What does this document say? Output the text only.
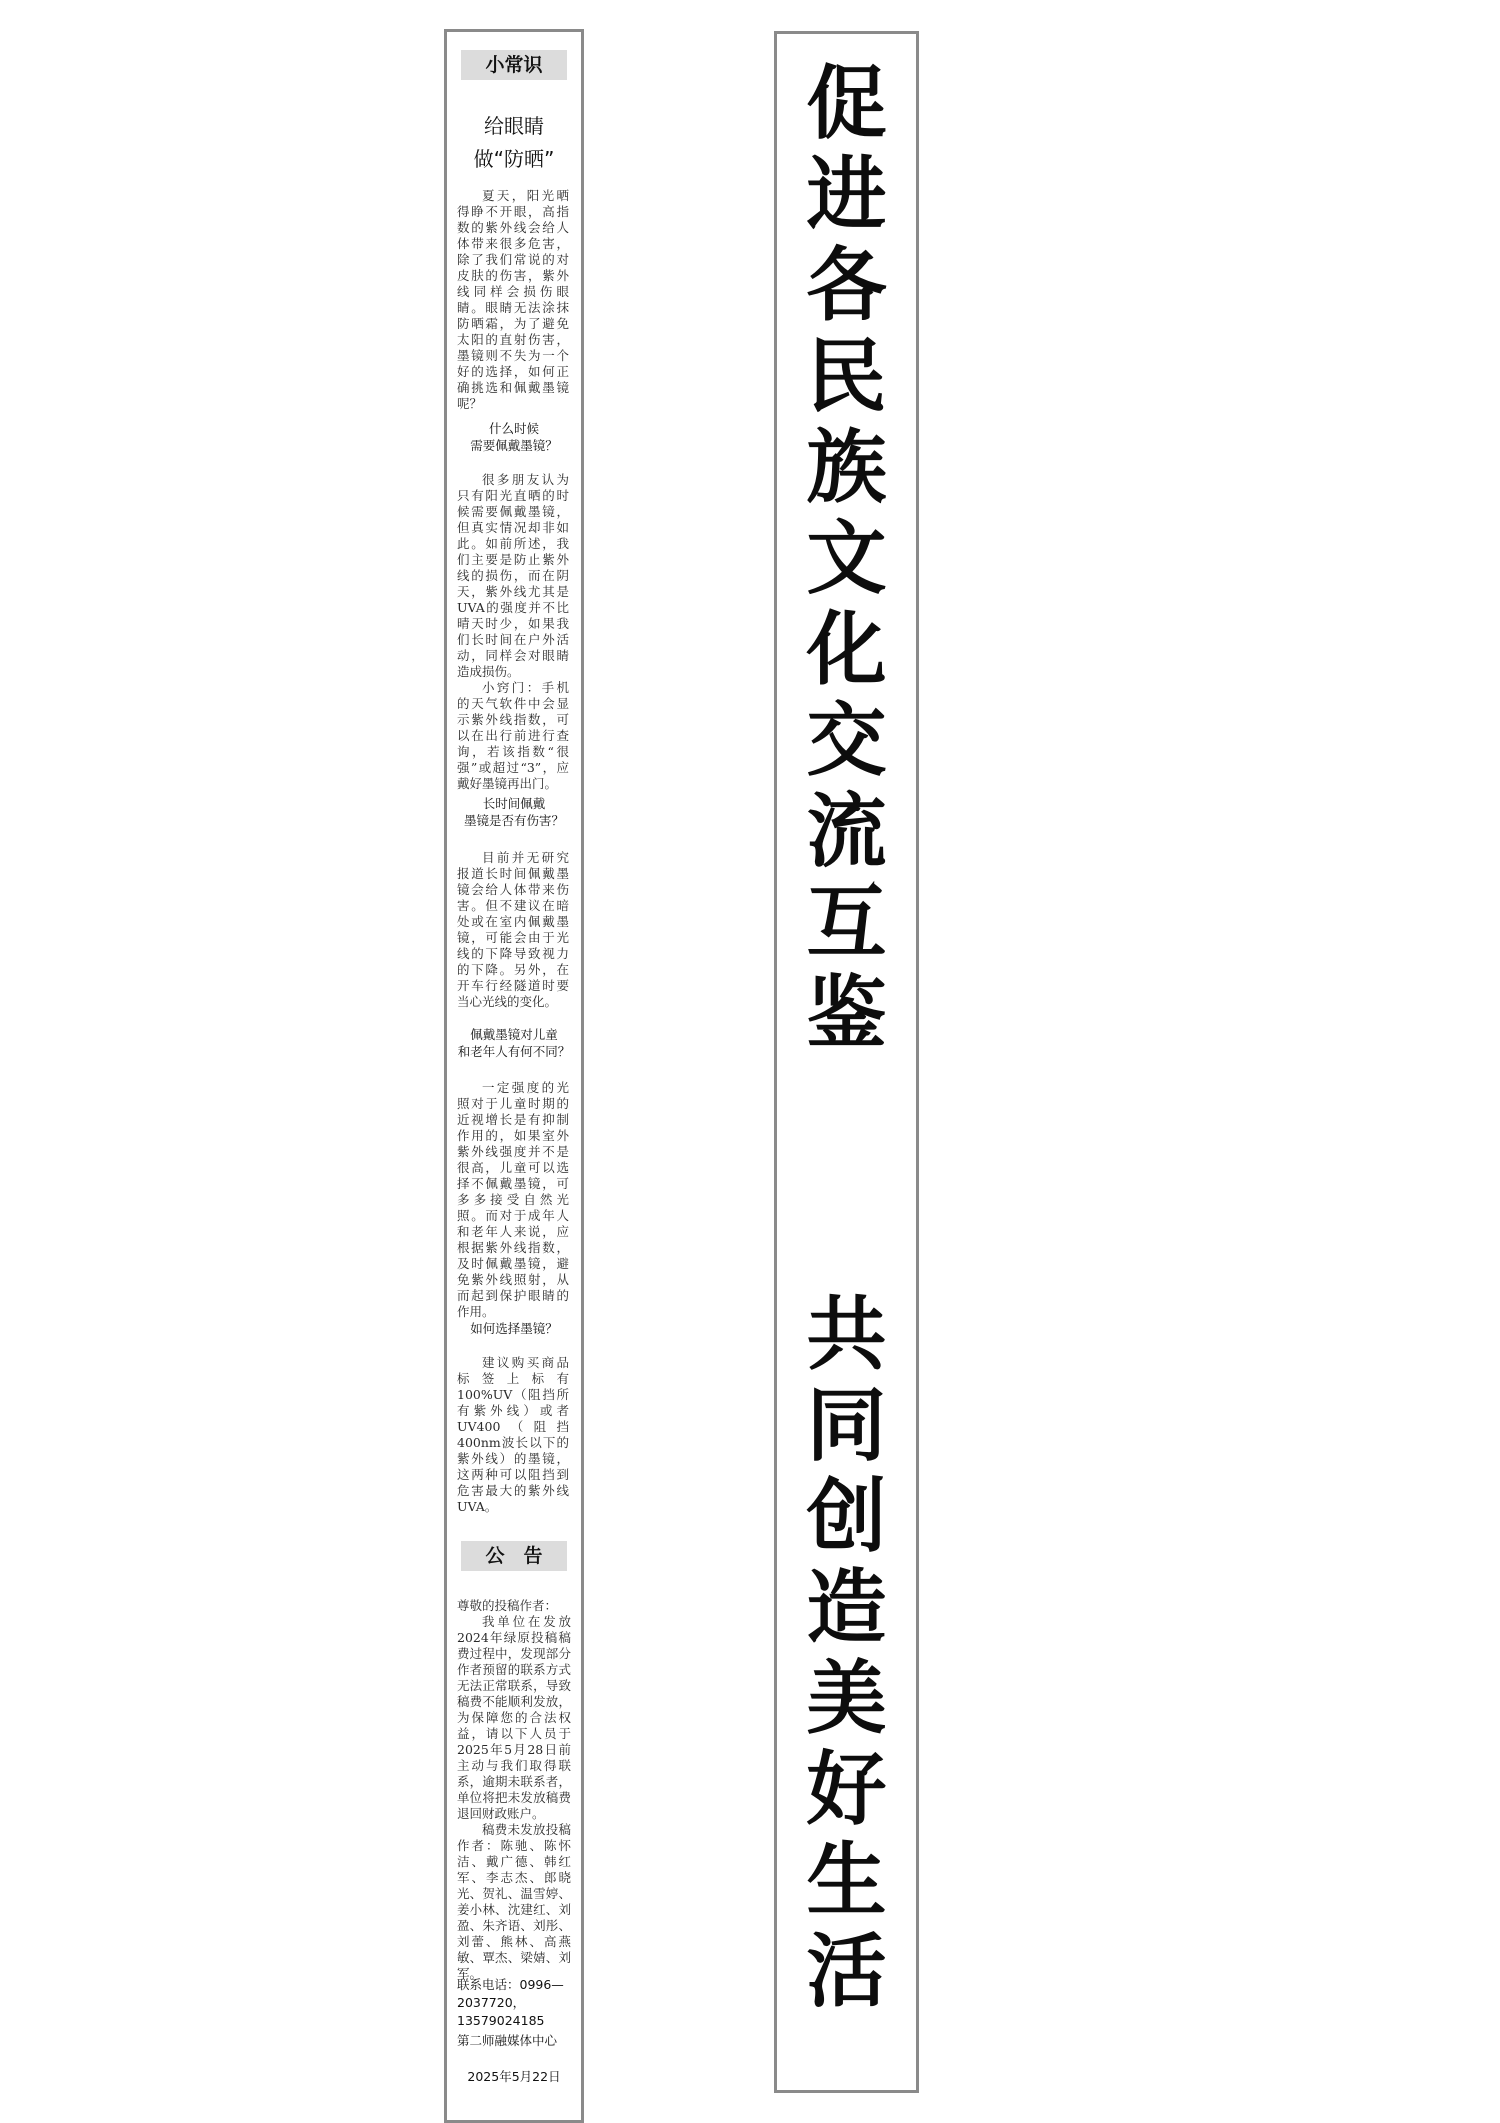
小常识
给眼睛
做“防晒”

夏天，阳光晒得睁不开眼，高指数的紫外线会给人体带来很多危害，除了我们常说的对皮肤的伤害，紫外线同样会损伤眼睛。眼睛无法涂抹防晒霜，为了避免太阳的直射伤害，墨镜则不失为一个好的选择，如何正确挑选和佩戴墨镜呢？

什么时候
需要佩戴墨镜？

很多朋友认为只有阳光直晒的时候需要佩戴墨镜，但真实情况却非如此。如前所述，我们主要是防止紫外线的损伤，而在阴天，紫外线尤其是UVA的强度并不比晴天时少，如果我们长时间在户外活动，同样会对眼睛造成损伤。

小窍门：手机的天气软件中会显示紫外线指数，可以在出行前进行查询，若该指数“很强”或超过“3”，应戴好墨镜再出门。

长时间佩戴
墨镜是否有伤害？

目前并无研究报道长时间佩戴墨镜会给人体带来伤害。但不建议在暗处或在室内佩戴墨镜，可能会由于光线的下降导致视力的下降。另外，在开车行经隧道时要当心光线的变化。

佩戴墨镜对儿童
和老年人有何不同？

一定强度的光照对于儿童时期的近视增长是有抑制作用的，如果室外紫外线强度并不是很高，儿童可以选择不佩戴墨镜，可多多接受自然光照。而对于成年人和老年人来说，应根据紫外线指数，及时佩戴墨镜，避免紫外线照射，从而起到保护眼睛的作用。

如何选择墨镜？

建议购买商品标签上标有100%UV（阻挡所有紫外线）或者UV400（阻挡400nm波长以下的紫外线）的墨镜，这两种可以阻挡到危害最大的紫外线UVA。

公　告

尊敬的投稿作者：

我单位在发放2024年绿原投稿稿费过程中，发现部分作者预留的联系方式无法正常联系，导致稿费不能顺利发放，为保障您的合法权益，请以下人员于2025年5月28日前主动与我们取得联系，逾期未联系者，单位将把未发放稿费退回财政账户。

稿费未发放投稿作者：陈驰、陈怀洁、戴广德、韩红军、李志杰、郎晓光、贺礼、温雪婷、姜小林、沈建红、刘盈、朱齐语、刘彤、刘蕾、熊林、高燕敏、覃杰、梁婧、刘军。

联系电话：0996—2037720，13579024185
第二师融媒体中心
2025年5月22日
促
进
各
民
族
文
化
交
流
互
鉴
共
同
创
造
美
好
生
活
